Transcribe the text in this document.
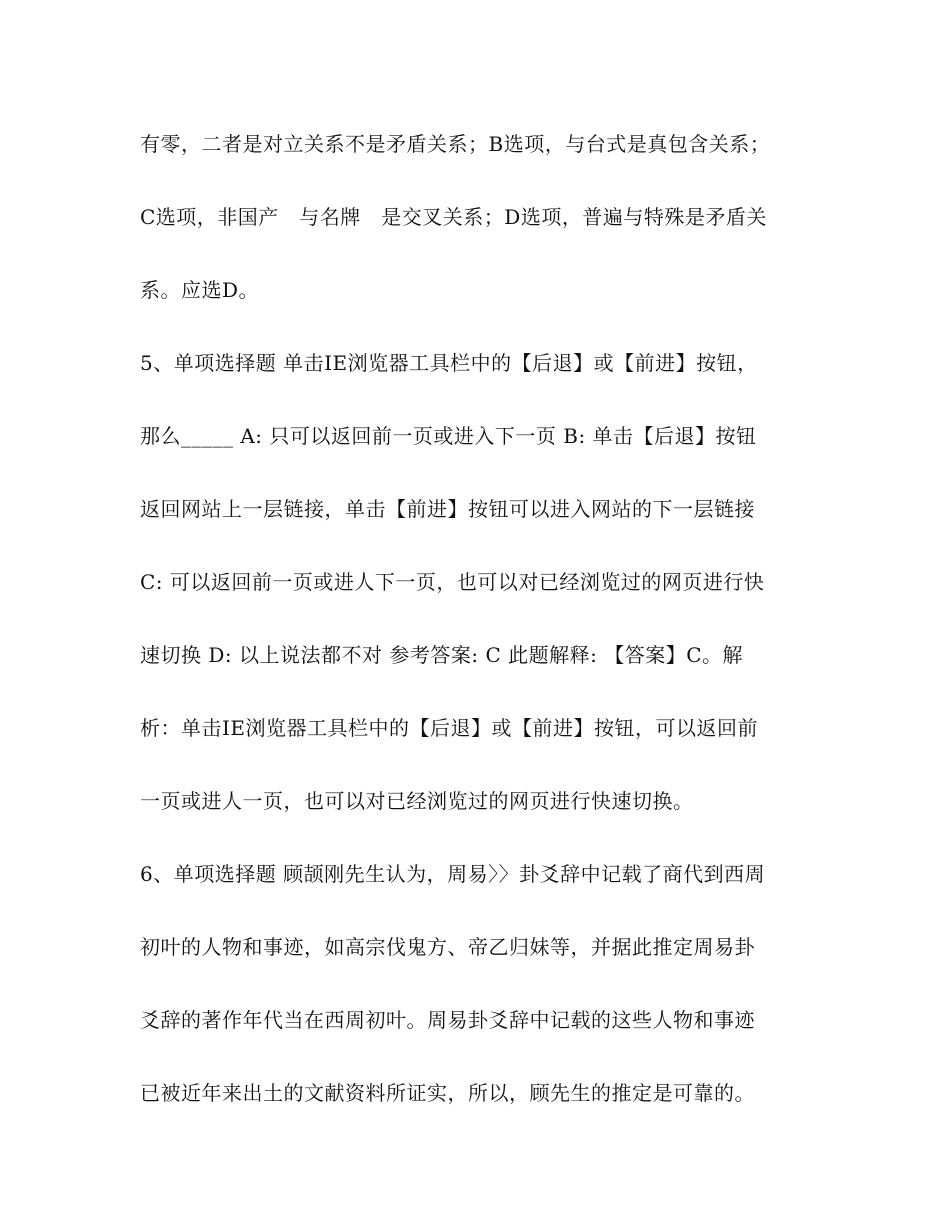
有零，二者是对立关系不是矛盾关系；B选项，与台式是真包含关系；
C选项，非国产　与名牌　是交叉关系；D选项，普遍与特殊是矛盾关
系。应选D。
5、单项选择题 单击IE浏览器工具栏中的【后退】或【前进】按钮，
那么_____ A: 只可以返回前一页或进入下一页 B: 单击【后退】按钮
返回网站上一层链接，单击【前进】按钮可以进入网站的下一层链接
C: 可以返回前一页或进人下一页，也可以对已经浏览过的网页进行快
速切换 D: 以上说法都不对 参考答案: C 此题解释: 【答案】C。解
析：单击IE浏览器工具栏中的【后退】或【前进】按钮，可以返回前
一页或进人一页，也可以对已经浏览过的网页进行快速切换。
6、单项选择题 顾颉刚先生认为，周易〉〉卦爻辞中记载了商代到西周
初叶的人物和事迹，如高宗伐鬼方、帝乙归妹等，并据此推定周易卦
爻辞的著作年代当在西周初叶。周易卦爻辞中记载的这些人物和事迹
已被近年来出土的文献资料所证实，所以，顾先生的推定是可靠的。
